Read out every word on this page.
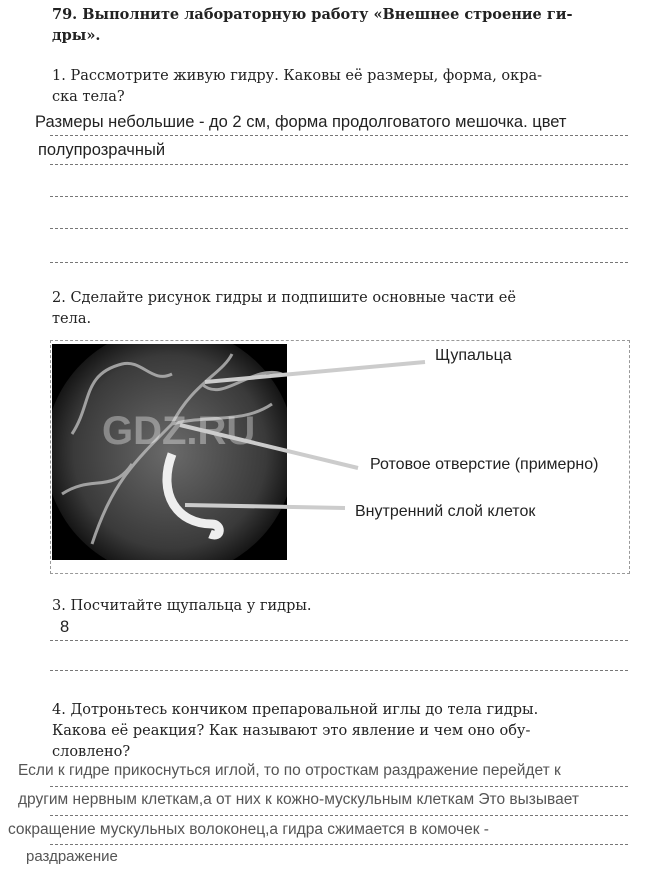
79. Выполните лабораторную работу «Внешнее строение ги-
дры».
1. Рассмотрите живую гидру. Каковы её размеры, форма, окра-
ска тела?
Размеры небольшие - до 2 см, форма продолговатого мешочка. цвет
полупрозрачный
2. Сделайте рисунок гидры и подпишите основные части её
тела.
GDZ.RU
Щупальца
Ротовое отверстие (примерно)
Внутренний слой клеток
3. Посчитайте щупальца у гидры.
8
4. Дотроньтесь кончиком препаровальной иглы до тела гидры.
Какова её реакция? Как называют это явление и чем оно обу-
словлено?
Если к гидре прикоснуться иглой, то по отросткам раздражение перейдет к
другим нервным клеткам,а от них к кожно-мускульным клеткам Это вызывает
сокращение мускульных волоконец,а гидра сжимается в комочек -
раздражение
